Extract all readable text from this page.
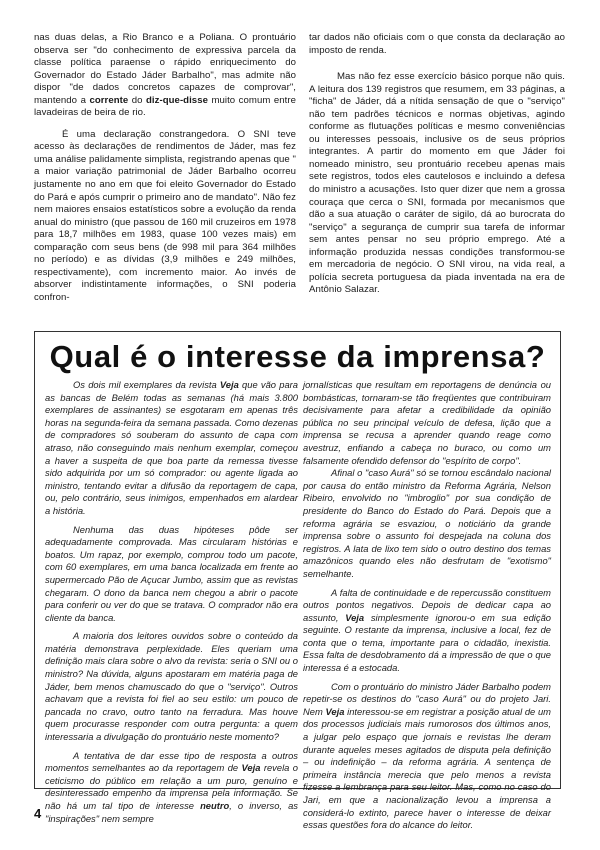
nas duas delas, a Rio Branco e a Poliana. O prontuário observa ser "do conhecimento de expressiva parcela da classe política paraense o rápido enriquecimento do Governador do Estado Jáder Barbalho", mas admite não dispor "de dados concretos capazes de comprovar", mantendo a corrente do diz-que-disse muito comum entre lavadeiras de beira de rio.

É uma declaração constrangedora. O SNI teve acesso às declarações de rendimentos de Jáder, mas fez uma análise palidamente simplista, registrando apenas que " a maior variação patrimonial de Jáder Barbalho ocorreu justamente no ano em que foi eleito Governador do Estado do Pará e após cumprir o primeiro ano de mandato". Não fez nem maiores ensaios estatísticos sobre a evolução da renda anual do ministro (que passou de 160 mil cruzeiros em 1978 para 18,7 milhões em 1983, quase 100 vezes mais) em comparação com seus bens (de 998 mil para 364 milhões no período) e as dívidas (3,9 milhões e 249 milhões, respectivamente), com incremento maior. Ao invés de absorver indistintamente informações, o SNI poderia confron-

tar dados não oficiais com o que consta da declaração ao imposto de renda.

Mas não fez esse exercício básico porque não quis. A leitura dos 139 registros que resumem, em 33 páginas, a "ficha" de Jáder, dá a nítida sensação de que o "serviço" não tem padrões técnicos e normas objetivas, agindo conforme as flutuações políticas e mesmo conveniências ou interesses pessoais, inclusive os de seus próprios integrantes. A partir do momento em que Jáder foi nomeado ministro, seu prontuário recebeu apenas mais sete registros, todos eles cautelosos e incluindo a defesa do ministro a acusações. Isto quer dizer que nem a grossa couraça que cerca o SNI, formada por mecanismos que dão a sua atuação o caráter de sigilo, dá ao burocrata do "serviço" a segurança de cumprir sua tarefa de informar sem antes pensar no seu próprio emprego. Até a informação produzida nessas condições transformou-se em mercadoria de negócio. O SNI virou, na vida real, a polícia secreta portuguesa da piada inventada na era de Antônio Salazar.

Qual é o interesse da imprensa?

Os dois mil exemplares da revista Veja que vão para as bancas de Belém todas as semanas (há mais 3.800 exemplares de assinantes) se esgotaram em apenas três horas na segunda-feira da semana passada. Como dezenas de compradores só souberam do assunto de capa com atraso, não conseguindo mais nenhum exemplar, começou a haver a suspeita de que boa parte da remessa tivesse sido adquirida por um só comprador: ou agente ligada ao ministro, tentando evitar a difusão da reportagem de capa, ou, pelo contrário, seus inimigos, empenhados em alardear a história.

Nenhuma das duas hipóteses pôde ser adequadamente comprovada. Mas circularam histórias e boatos. Um rapaz, por exemplo, comprou todo um pacote, com 60 exemplares, em uma banca localizada em frente ao supermercado Pão de Açucar Jumbo, assim que as revistas chegaram. O dono da banca nem chegou a abrir o pacote para conferir ou ver do que se tratava. O comprador não era cliente da banca.

A maioria dos leitores ouvidos sobre o conteúdo da matéria demonstrava perplexidade. Eles queriam uma definição mais clara sobre o alvo da revista: seria o SNI ou o ministro? Na dúvida, alguns apostaram em matéria paga de Jáder, bem menos chamuscado do que o "serviço". Outros achavam que a revista foi fiel ao seu estilo: um pouco de pancada no cravo, outro tanto na ferradura. Mas houve quem procurasse responder com outra pergunta: a quem interessaria a divulgação do prontuário neste momento?

A tentativa de dar esse tipo de resposta a outros momentos semelhantes ao da reportagem de Veja revela o ceticismo do público em relação a um puro, genuíno e desinteressado empenho da imprensa pela informação. Se não há um tal tipo de interesse neutro, o inverso, as "inspirações" nem sempre

jornalísticas que resultam em reportagens de denúncia ou bombásticas, tornaram-se tão freqüentes que contribuiram decisivamente para afetar a credibilidade da opinião pública no seu principal veículo de defesa, lição que a imprensa se recusa a aprender quando reage como avestruz, enfiando a cabeça no buraco, ou como um falsamente ofendido defensor do "espírito de corpo".

Afinal o "caso Aurá" só se tornou escândalo nacional por causa do então ministro da Reforma Agrária, Nelson Ribeiro, envolvido no "imbroglio" por sua condição de presidente do Banco do Estado do Pará. Depois que a reforma agrária se esvaziou, o noticiário da grande imprensa sobre o assunto foi despejada na coluna dos registros. A lata de lixo tem sido o outro destino dos temas amazônicos quando eles não desfrutam de "exotismo" semelhante.

A falta de continuidade e de repercussão constituem outros pontos negativos. Depois de dedicar capa ao assunto, Veja simplesmente ignorou-o em sua edição seguinte. O restante da imprensa, inclusive a local, fez de conta que o tema, importante para o cidadão, inexistia. Essa falta de desdobramento dá a impressão de que o que interessa é a estocada.

Com o prontuário do ministro Jáder Barbalho podem repetir-se os destinos do "caso Aurá" ou do projeto Jari. Nem Veja interessou-se em registrar a posição atual de um dos processos judiciais mais rumorosos dos últimos anos, a julgar pelo espaço que jornais e revistas lhe deram durante aqueles meses agitados de disputa pela definição – ou indefinição – da reforma agrária. A sentença de primeira instância merecia que pelo menos a revista fizesse a lembrança para seu leitor. Mas, como no caso do Jari, em que a nacionalização levou a imprensa a considerá-lo extinto, parece haver o interesse de deixar essas questões fora do alcance do leitor.

4
